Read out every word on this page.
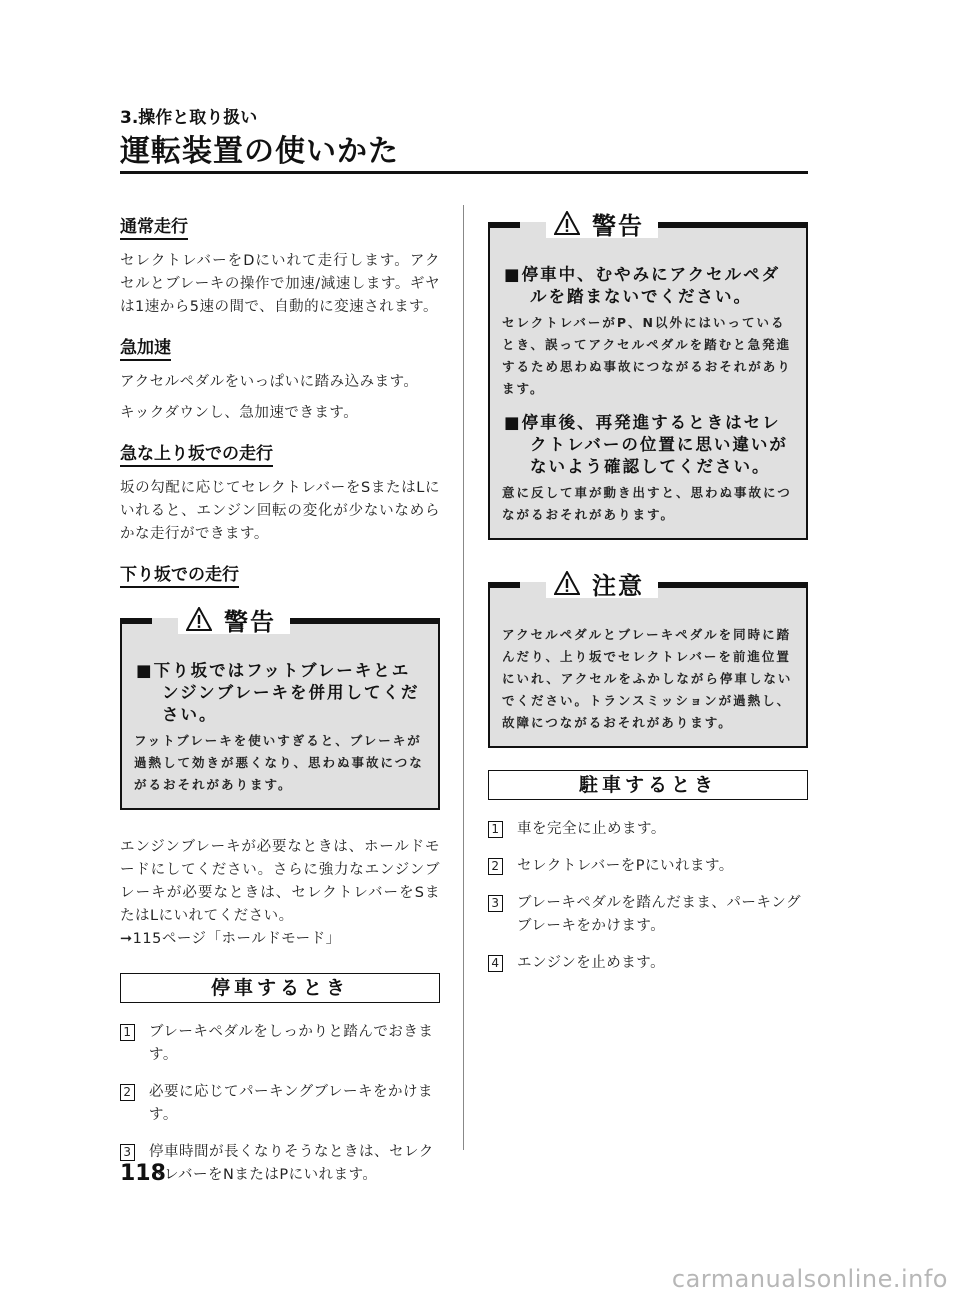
3.操作と取り扱い
運転装置の使いかた
通常走行

セレクトレバーをDにいれて走行します。アクセルとブレーキの操作で加速/減速します。ギヤは1速から5速の間で、自動的に変速されます。

急加速

アクセルペダルをいっぱいに踏み込みます。

キックダウンし、急加速できます。

急な上り坂での走行

坂の勾配に応じてセレクトレバーをSまたはLにいれると、エンジン回転の変化が少ないなめらかな走行ができます。

下り坂での走行
警告

■下り坂ではフットブレーキとエンジンブレーキを併用してください。

フットブレーキを使いすぎると、ブレーキが過熱して効きが悪くなり、思わぬ事故につながるおそれがあります。

エンジンブレーキが必要なときは、ホールドモードにしてください。さらに強力なエンジンブレーキが必要なときは、セレクトレバーをSまたはLにいれてください。

➞115ページ「ホールドモード」

停車するとき
1 ブレーキペダルをしっかりと踏んでおきます。
2 必要に応じてパーキングブレーキをかけます。
3 停車時間が長くなりそうなときは、セレクトレバーをNまたはPにいれます。
警告

■停車中、むやみにアクセルペダルを踏まないでください。

セレクトレバーがP、N以外にはいっているとき、誤ってアクセルペダルを踏むと急発進するため思わぬ事故につながるおそれがあります。

■停車後、再発進するときはセレクトレバーの位置に思い違いがないよう確認してください。

意に反して車が動き出すと、思わぬ事故につながるおそれがあります。

注意

アクセルペダルとブレーキペダルを同時に踏んだり、上り坂でセレクトレバーを前進位置にいれ、アクセルをふかしながら停車しないでください。トランスミッションが過熱し、故障につながるおそれがあります。

駐車するとき
1 車を完全に止めます。
2 セレクトレバーをPにいれます。
3 ブレーキペダルを踏んだまま、パーキングブレーキをかけます。
4 エンジンを止めます。
118
carmanualsonline.info
